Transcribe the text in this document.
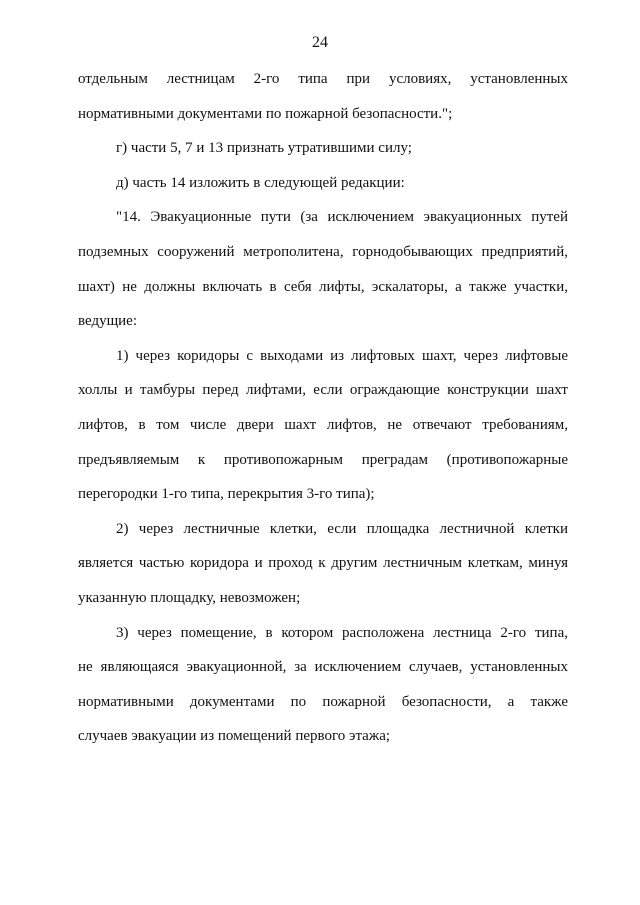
24
отдельным лестницам 2-го типа при условиях, установленных
нормативными документами по пожарной безопасности.";
г) части 5, 7 и 13 признать утратившими силу;
д) часть 14 изложить в следующей редакции:
"14. Эвакуационные пути (за исключением эвакуационных путей
подземных сооружений метрополитена, горнодобывающих предприятий,
шахт) не должны включать в себя лифты, эскалаторы, а также участки,
ведущие:
1) через коридоры с выходами из лифтовых шахт, через лифтовые
холлы и тамбуры перед лифтами, если ограждающие конструкции шахт
лифтов, в том числе двери шахт лифтов, не отвечают требованиям,
предъявляемым к противопожарным преградам (противопожарные
перегородки 1-го типа, перекрытия 3-го типа);
2) через лестничные клетки, если площадка лестничной клетки
является частью коридора и проход к другим лестничным клеткам, минуя
указанную площадку, невозможен;
3) через помещение, в котором расположена лестница 2-го типа,
не являющаяся эвакуационной, за исключением случаев, установленных
нормативными документами по пожарной безопасности, а также
случаев эвакуации из помещений первого этажа;
